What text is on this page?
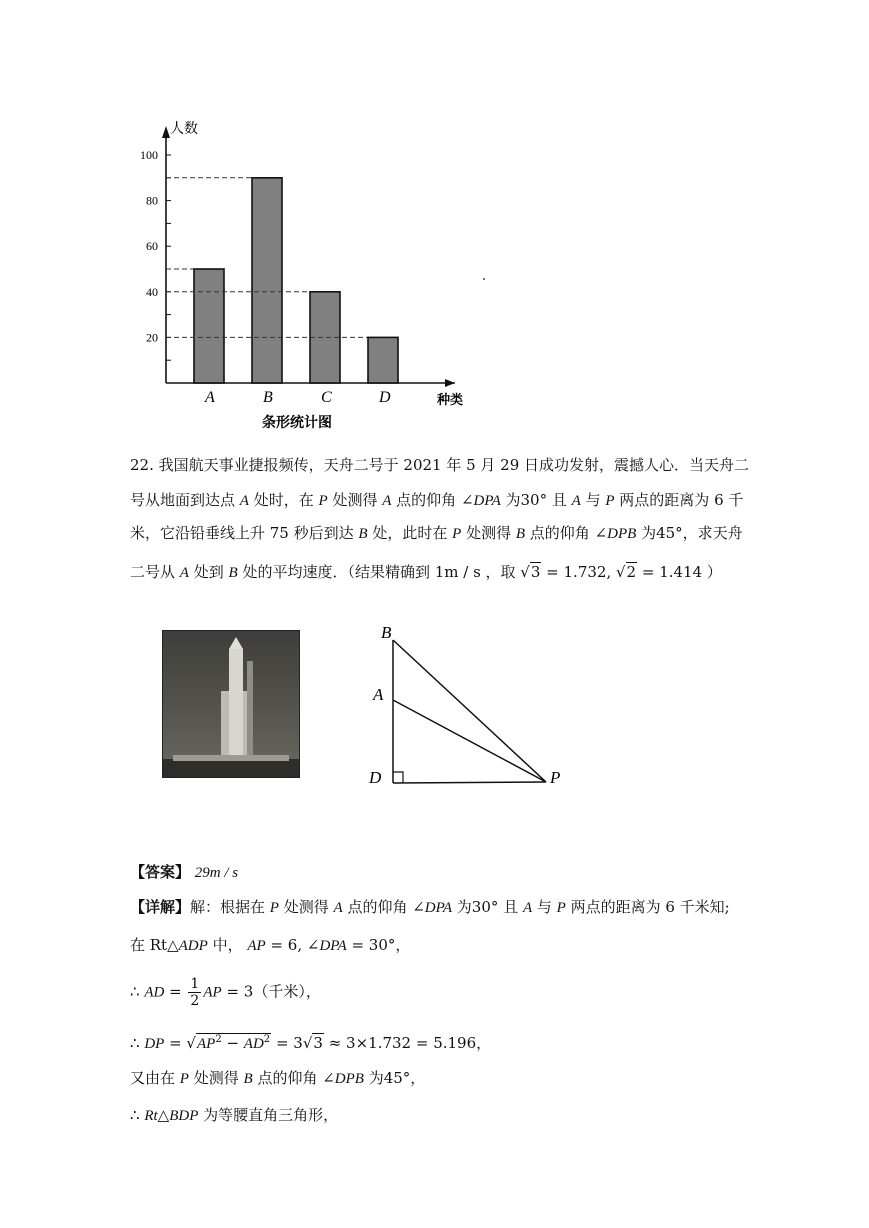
20
40
60
80
100
A	B	C	D
人数
种类
条形统计图
22. 我国航天事业捷报频传，天舟二号于 2021 年 5 月 29 日成功发射，震撼人心．当天舟二
号从地面到达点 A 处时，在 P 处测得 A 点的仰角 ∠DPA 为30° 且 A 与 P 两点的距离为 6 千
米，它沿铅垂线上升 75 秒后到达 B 处，此时在 P 处测得 B 点的仰角 ∠DPB 为45°，求天舟
二号从 A 处到 B 处的平均速度．（结果精确到 1m / s ，取 √3 = 1.732, √2 = 1.414 ）
B
A
D	P
【答案】 29m / s
【详解】解：根据在 P 处测得 A 点的仰角 ∠DPA 为30° 且 A 与 P 两点的距离为 6 千米知;
在 Rt△ADP 中， AP = 6, ∠DPA = 30°，
∴ AD = $\frac{1}{2}$ AP = 3（千米），
∴ DP = $√AP^2 - AD^2 = 3√3 \approx 3\times 1.732 = 5.196$，
又由在 P 处测得 B 点的仰角 ∠DPB 为45°，
∴ Rt△BDP 为等腰直角三角形，
